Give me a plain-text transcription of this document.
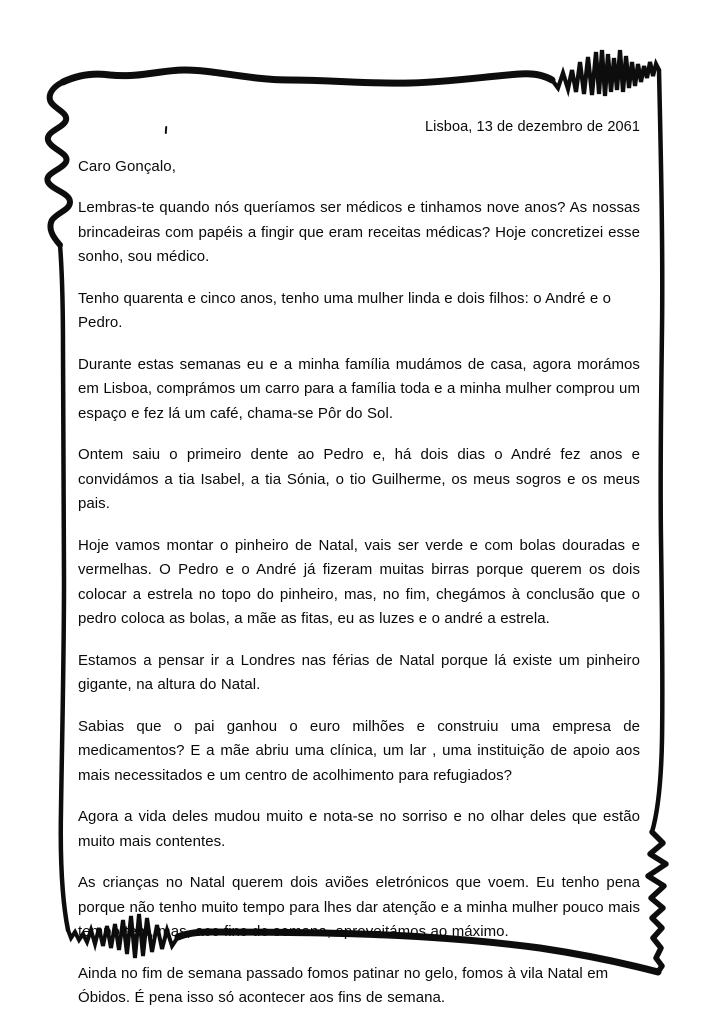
Lisboa, 13 de dezembro de 2061
Caro Gonçalo,

Lembras-te quando nós queríamos ser médicos e tinhamos nove anos? As nossas brincadeiras com papéis a fingir que eram receitas médicas? Hoje concretizei esse sonho, sou médico.

Tenho quarenta e cinco anos, tenho uma mulher linda e dois filhos: o André e o Pedro.

Durante estas semanas eu e a minha família mudámos de casa, agora morámos em Lisboa, comprámos um carro para a família toda e a minha mulher comprou um espaço e fez lá um café, chama-se Pôr do Sol.

Ontem saiu o primeiro dente ao Pedro e, há dois dias o André fez anos e convidámos a tia Isabel, a tia Sónia, o tio Guilherme, os meus sogros e os meus pais.

Hoje vamos montar o pinheiro de Natal, vais ser verde e com bolas douradas e vermelhas. O Pedro e o André já fizeram muitas birras porque querem os dois colocar a estrela no topo do pinheiro, mas, no fim, chegámos à conclusão que o pedro coloca as bolas, a mãe as fitas, eu as luzes e o andré a estrela.

Estamos a pensar ir a Londres nas férias de Natal porque lá existe um pinheiro gigante, na altura do Natal.

Sabias que o pai ganhou o euro milhões e construiu uma empresa de medicamentos? E a mãe abriu uma clínica, um lar , uma instituição de apoio aos mais necessitados e um centro de acolhimento para refugiados?

Agora a vida deles mudou muito e nota-se no sorriso e no olhar deles que estão muito mais contentes.

As crianças no Natal querem dois aviões eletrónicos que voem. Eu tenho pena porque não tenho muito tempo para lhes dar atenção e a minha mulher pouco mais tempo tem, mas, aos fins de semana, aproveitámos ao máximo.

Ainda no fim de semana passado fomos patinar no gelo, fomos à vila Natal em Óbidos. É pena isso só acontecer aos fins de semana.
